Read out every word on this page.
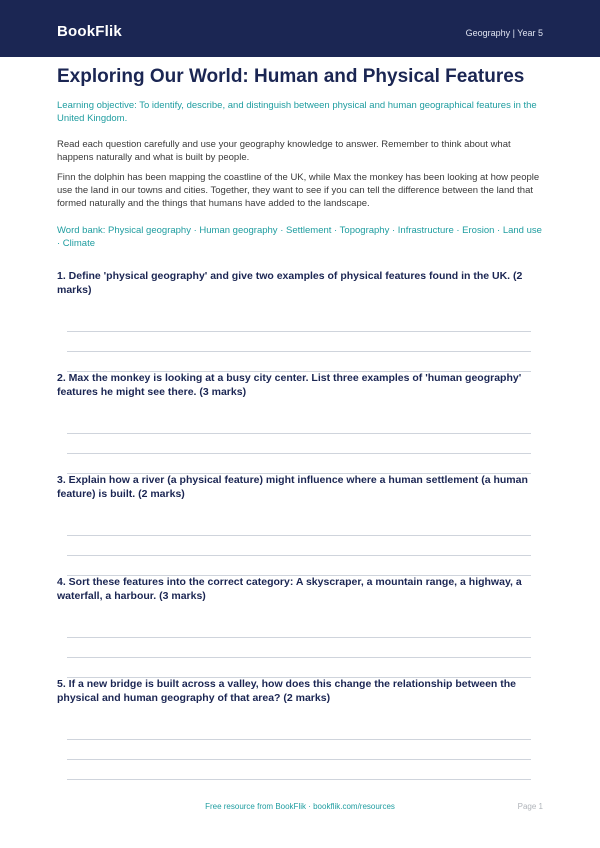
BookFlik	Geography | Year 5
Exploring Our World: Human and Physical Features

Learning objective: To identify, describe, and distinguish between physical and human geographical features in the United Kingdom.

Read each question carefully and use your geography knowledge to answer. Remember to think about what happens naturally and what is built by people.

Finn the dolphin has been mapping the coastline of the UK, while Max the monkey has been looking at how people use the land in our towns and cities. Together, they want to see if you can tell the difference between the land that formed naturally and the things that humans have added to the landscape.

Word bank: Physical geography · Human geography · Settlement · Topography · Infrastructure · Erosion · Land use · Climate

1. Define 'physical geography' and give two examples of physical features found in the UK. (2 marks)

2. Max the monkey is looking at a busy city center. List three examples of 'human geography' features he might see there. (3 marks)

3. Explain how a river (a physical feature) might influence where a human settlement (a human feature) is built. (2 marks)

4. Sort these features into the correct category: A skyscraper, a mountain range, a highway, a waterfall, a harbour. (3 marks)

5. If a new bridge is built across a valley, how does this change the relationship between the physical and human geography of that area? (2 marks)

Free resource from BookFlik · bookflik.com/resources	Page 1
